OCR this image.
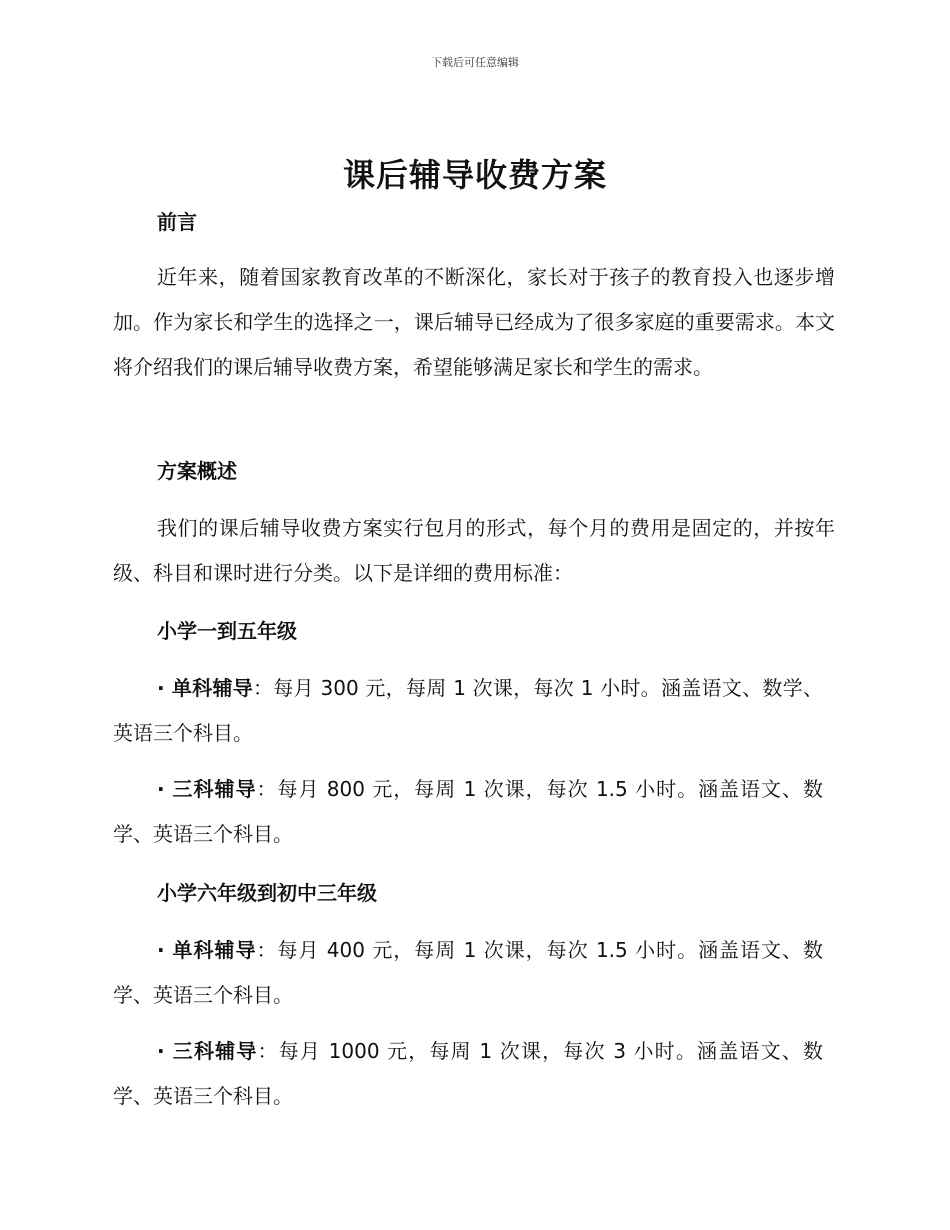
下载后可任意编辑
课后辅导收费方案
前言

近年来，随着国家教育改革的不断深化，家长对于孩子的教育投入也逐步增加。作为家长和学生的选择之一，课后辅导已经成为了很多家庭的重要需求。本文将介绍我们的课后辅导收费方案，希望能够满足家长和学生的需求。

方案概述

我们的课后辅导收费方案实行包月的形式，每个月的费用是固定的，并按年级、科目和课时进行分类。以下是详细的费用标准：

小学一到五年级

· 单科辅导：每月 300 元，每周 1 次课，每次 1 小时。涵盖语文、数学、英语三个科目。

· 三科辅导：每月 800 元，每周 1 次课，每次 1.5 小时。涵盖语文、数学、英语三个科目。

小学六年级到初中三年级

· 单科辅导：每月 400 元，每周 1 次课，每次 1.5 小时。涵盖语文、数学、英语三个科目。

· 三科辅导：每月 1000 元，每周 1 次课，每次 3 小时。涵盖语文、数学、英语三个科目。
